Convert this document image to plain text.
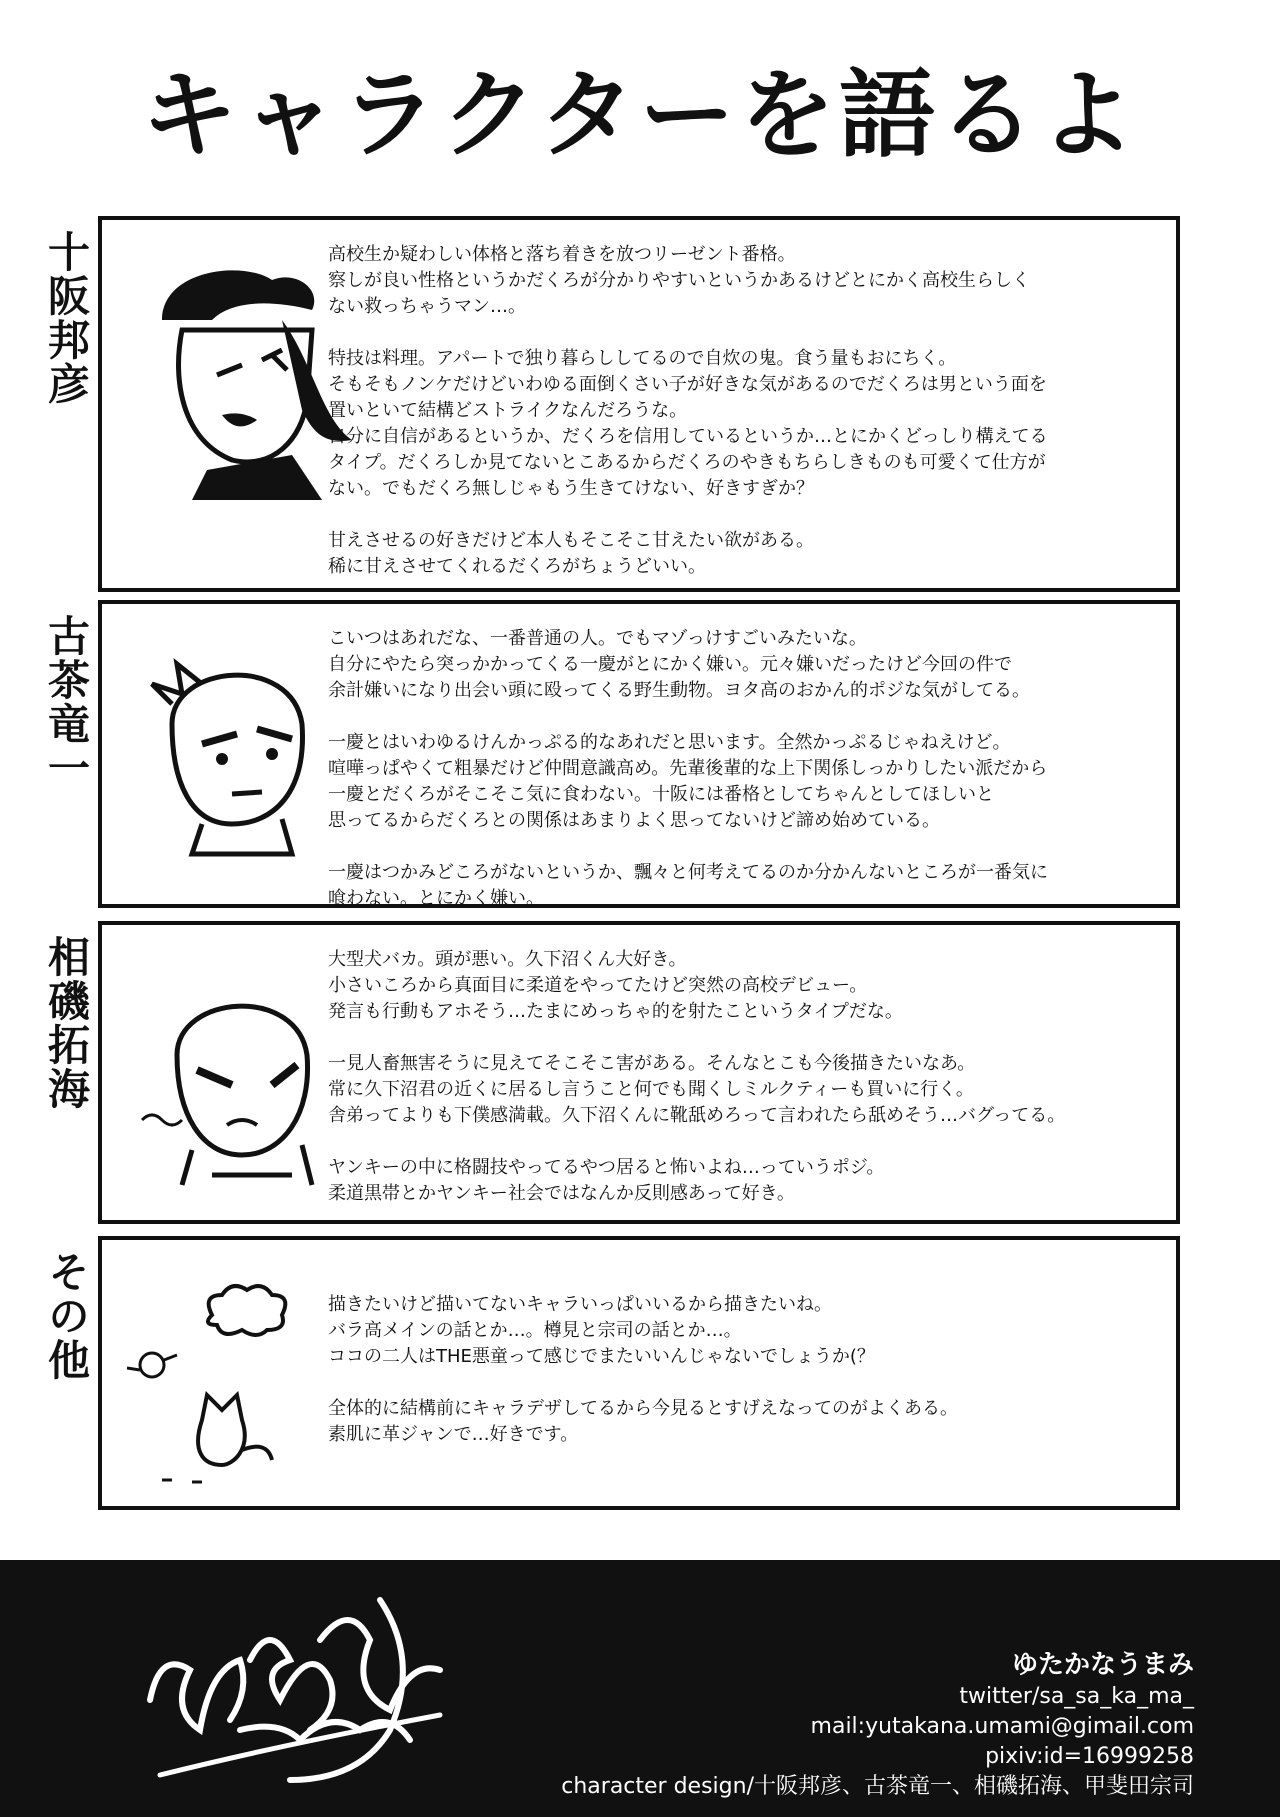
キャラクターを語るよ
十阪邦彦	高校生か疑わしい体格と落ち着きを放つリーゼント番格。
察しが良い性格というかだくろが分かりやすいというかあるけどとにかく高校生らしく
ない救っちゃうマン…。

特技は料理。アパートで独り暮らししてるので自炊の鬼。食う量もおにちく。
そもそもノンケだけどいわゆる面倒くさい子が好きな気があるのでだくろは男という面を
置いといて結構どストライクなんだろうな。
自分に自信があるというか、だくろを信用しているというか…とにかくどっしり構えてる
タイプ。だくろしか見てないとこあるからだくろのやきもちらしきものも可愛くて仕方が
ない。でもだくろ無しじゃもう生きてけない、好きすぎか？

甘えさせるの好きだけど本人もそこそこ甘えたい欲がある。
稀に甘えさせてくれるだくろがちょうどいい。

古茶竜一	こいつはあれだな、一番普通の人。でもマゾっけすごいみたいな。
自分にやたら突っかかってくる一慶がとにかく嫌い。元々嫌いだったけど今回の件で
余計嫌いになり出会い頭に殴ってくる野生動物。ヨタ高のおかん的ポジな気がしてる。

一慶とはいわゆるけんかっぷる的なあれだと思います。全然かっぷるじゃねえけど。
喧嘩っぱやくて粗暴だけど仲間意識高め。先輩後輩的な上下関係しっかりしたい派だから
一慶とだくろがそこそこ気に食わない。十阪には番格としてちゃんとしてほしいと
思ってるからだくろとの関係はあまりよく思ってないけど諦め始めている。

一慶はつかみどころがないというか、飄々と何考えてるのか分かんないところが一番気に
喰わない。とにかく嫌い。

相磯拓海	大型犬バカ。頭が悪い。久下沼くん大好き。
小さいころから真面目に柔道をやってたけど突然の高校デビュー。
発言も行動もアホそう…たまにめっちゃ的を射たこというタイプだな。

一見人畜無害そうに見えてそこそこ害がある。そんなとこも今後描きたいなあ。
常に久下沼君の近くに居るし言うこと何でも聞くしミルクティーも買いに行く。
舎弟ってよりも下僕感満載。久下沼くんに靴舐めろって言われたら舐めそう…バグってる。

ヤンキーの中に格闘技やってるやつ居ると怖いよね…っていうポジ。
柔道黒帯とかヤンキー社会ではなんか反則感あって好き。

その他	描きたいけど描いてないキャラいっぱいいるから描きたいね。
バラ高メインの話とか…。樽見と宗司の話とか…。
ココの二人はTHE悪童って感じでまたいいんじゃないでしょうか(？

全体的に結構前にキャラデザしてるから今見るとすげえなってのがよくある。
素肌に革ジャンで…好きです。

ゆたかなうまみ
twitter/sa_sa_ka_ma_
mail:yutakana.umami@gimail.com
pixiv:id=16999258
character design/十阪邦彦、古茶竜一、相磯拓海、甲斐田宗司
